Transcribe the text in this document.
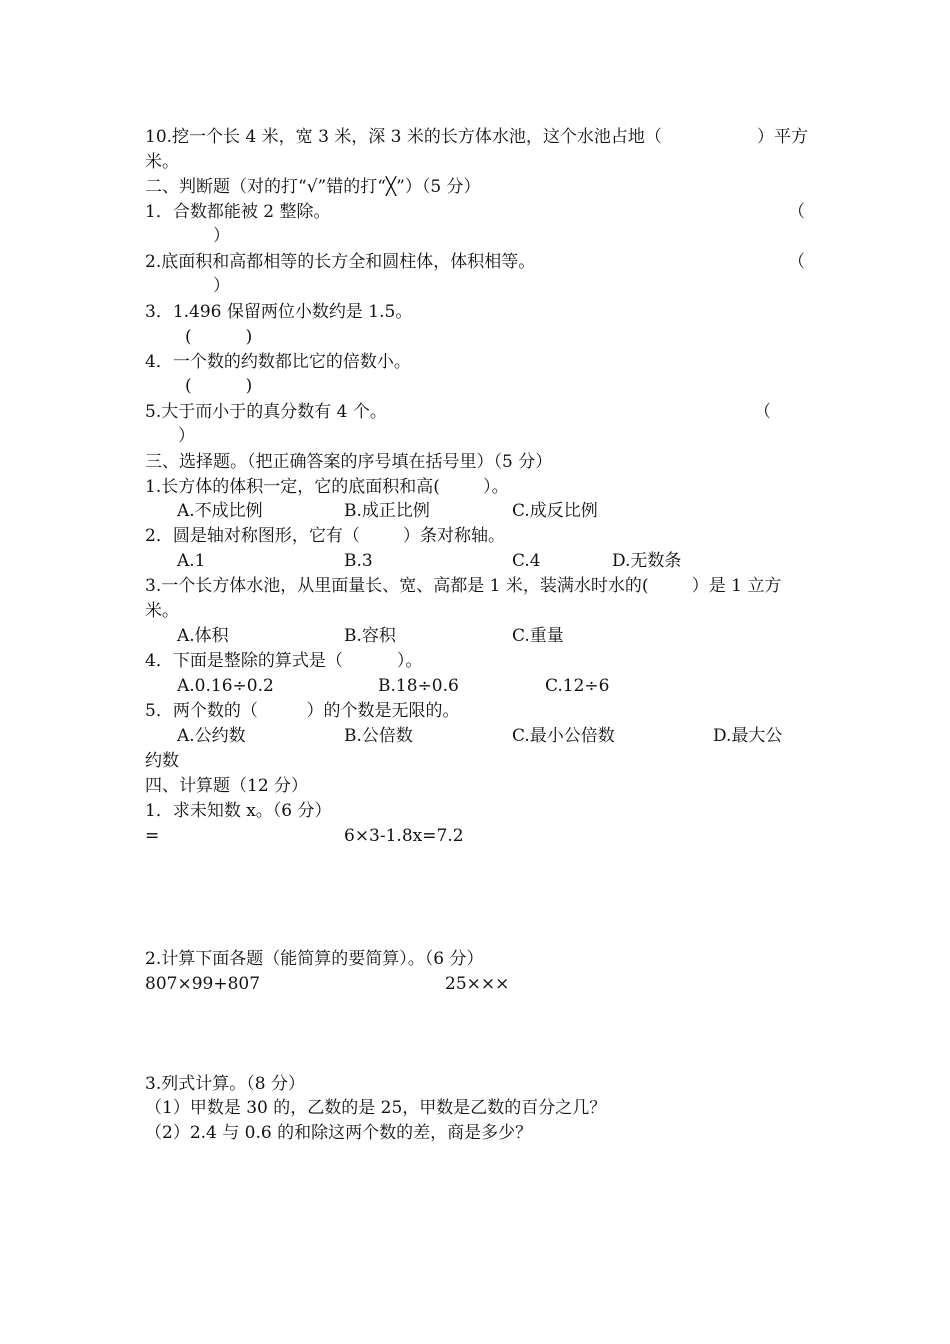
10.挖一个长 4 米，宽 3 米，深 3 米的长方体水池，这个水池占地（	）平方
米。
二、判断题（对的打“√”错的打“╳”）（5 分）
1．合数都能被 2 整除。	（
）
2.底面积和高都相等的长方全和圆柱体，体积相等。	（
）
3．1.496 保留两位小数约是 1.5。
(          )
4．一个数的约数都比它的倍数小。
(          )
5.大于而小于的真分数有 4 个。	（
）
三、选择题。（把正确答案的序号填在括号里）（5 分）
1.长方体的体积一定，它的底面积和高(        ）。
A.不成比例	B.成正比例	C.成反比例
2．圆是轴对称图形，它有（        ）条对称轴。
A.1	B.3	C.4	D.无数条
3.一个长方体水池，从里面量长、宽、高都是 1 米，装满水时水的(        ）是 1 立方
米。
A.体积	B.容积	C.重量
4．下面是整除的算式是（          ）。
A.0.16÷0.2	B.18÷0.6	C.12÷6
5．两个数的（         ）的个数是无限的。
A.公约数	B.公倍数	C.最小公倍数	D.最大公
约数
四、计算题（12 分）
1．求未知数 x。（6 分）
=	6×3-1.8x=7.2
2.计算下面各题（能简算的要简算）。（6 分）
807×99+807	25×××
3.列式计算。（8 分）
（1）甲数是 30 的，乙数的是 25，甲数是乙数的百分之几？
（2）2.4 与 0.6 的和除这两个数的差，商是多少？
